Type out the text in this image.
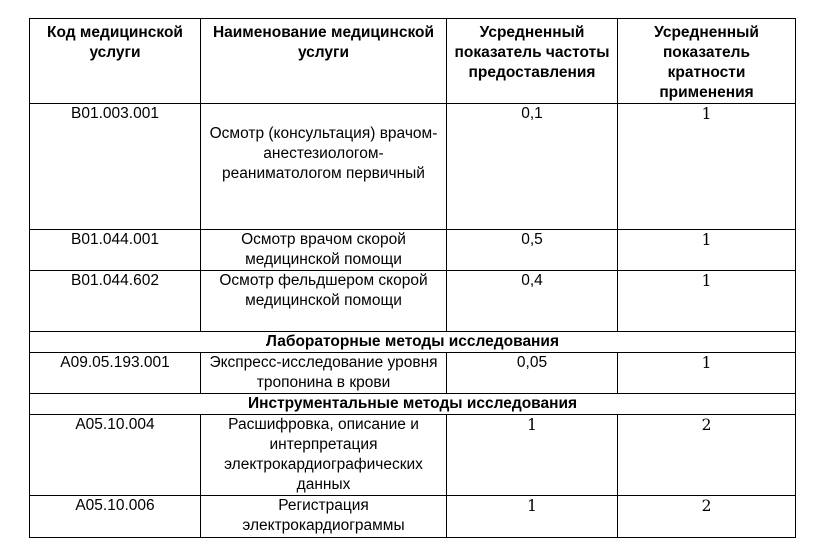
Код медицинской услуги	Наименование медицинской услуги	Усредненный показатель частоты предоставления	Усредненный показатель кратности применения
B01.003.001	Осмотр (консультация) врачом-анестезиологом-реаниматологом первичный	0,1	1
B01.044.001	Осмотр врачом скорой медицинской помощи	0,5	1
B01.044.602	Осмотр фельдшером скорой медицинской помощи	0,4	1
Лабораторные методы исследования			
A09.05.193.001	Экспресс-исследование уровня тропонина в крови	0,05	1
Инструментальные методы исследования			
A05.10.004	Расшифровка, описание и интерпретация электрокардиографических данных	1	2
A05.10.006	Регистрация электрокардиограммы	1	2
